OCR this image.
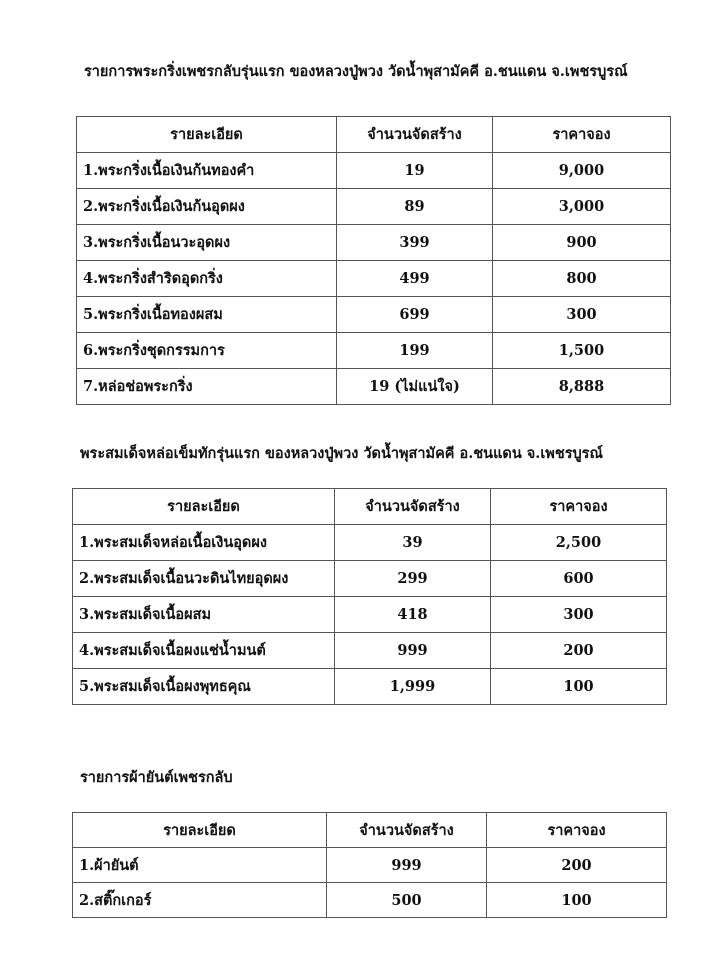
รายการพระกริ่งเพชรกลับรุ่นแรก ของหลวงปู่พวง วัดน้ำพุสามัคคี อ.ชนแดน จ.เพชรบูรณ์

รายละเอียด	จำนวนจัดสร้าง	ราคาจอง
1.พระกริ่งเนื้อเงินก้นทองคำ	19	9,000
2.พระกริ่งเนื้อเงินก้นอุดผง	89	3,000
3.พระกริ่งเนื้อนวะอุดผง	399	900
4.พระกริ่งสำริดอุดกริ่ง	499	800
5.พระกริ่งเนื้อทองผสม	699	300
6.พระกริ่งชุดกรรมการ	199	1,500
7.หล่อช่อพระกริ่ง	19 (ไม่แน่ใจ)	8,888

พระสมเด็จหล่อเข็มทักรุ่นแรก ของหลวงปู่พวง วัดน้ำพุสามัคคี อ.ชนแดน จ.เพชรบูรณ์

รายละเอียด	จำนวนจัดสร้าง	ราคาจอง
1.พระสมเด็จหล่อเนื้อเงินอุดผง	39	2,500
2.พระสมเด็จเนื้อนวะดินไทยอุดผง	299	600
3.พระสมเด็จเนื้อผสม	418	300
4.พระสมเด็จเนื้อผงแช่น้ำมนต์	999	200
5.พระสมเด็จเนื้อผงพุทธคุณ	1,999	100

รายการผ้ายันต์เพชรกลับ

รายละเอียด	จำนวนจัดสร้าง	ราคาจอง
1.ผ้ายันต์	999	200
2.สติ๊กเกอร์	500	100
